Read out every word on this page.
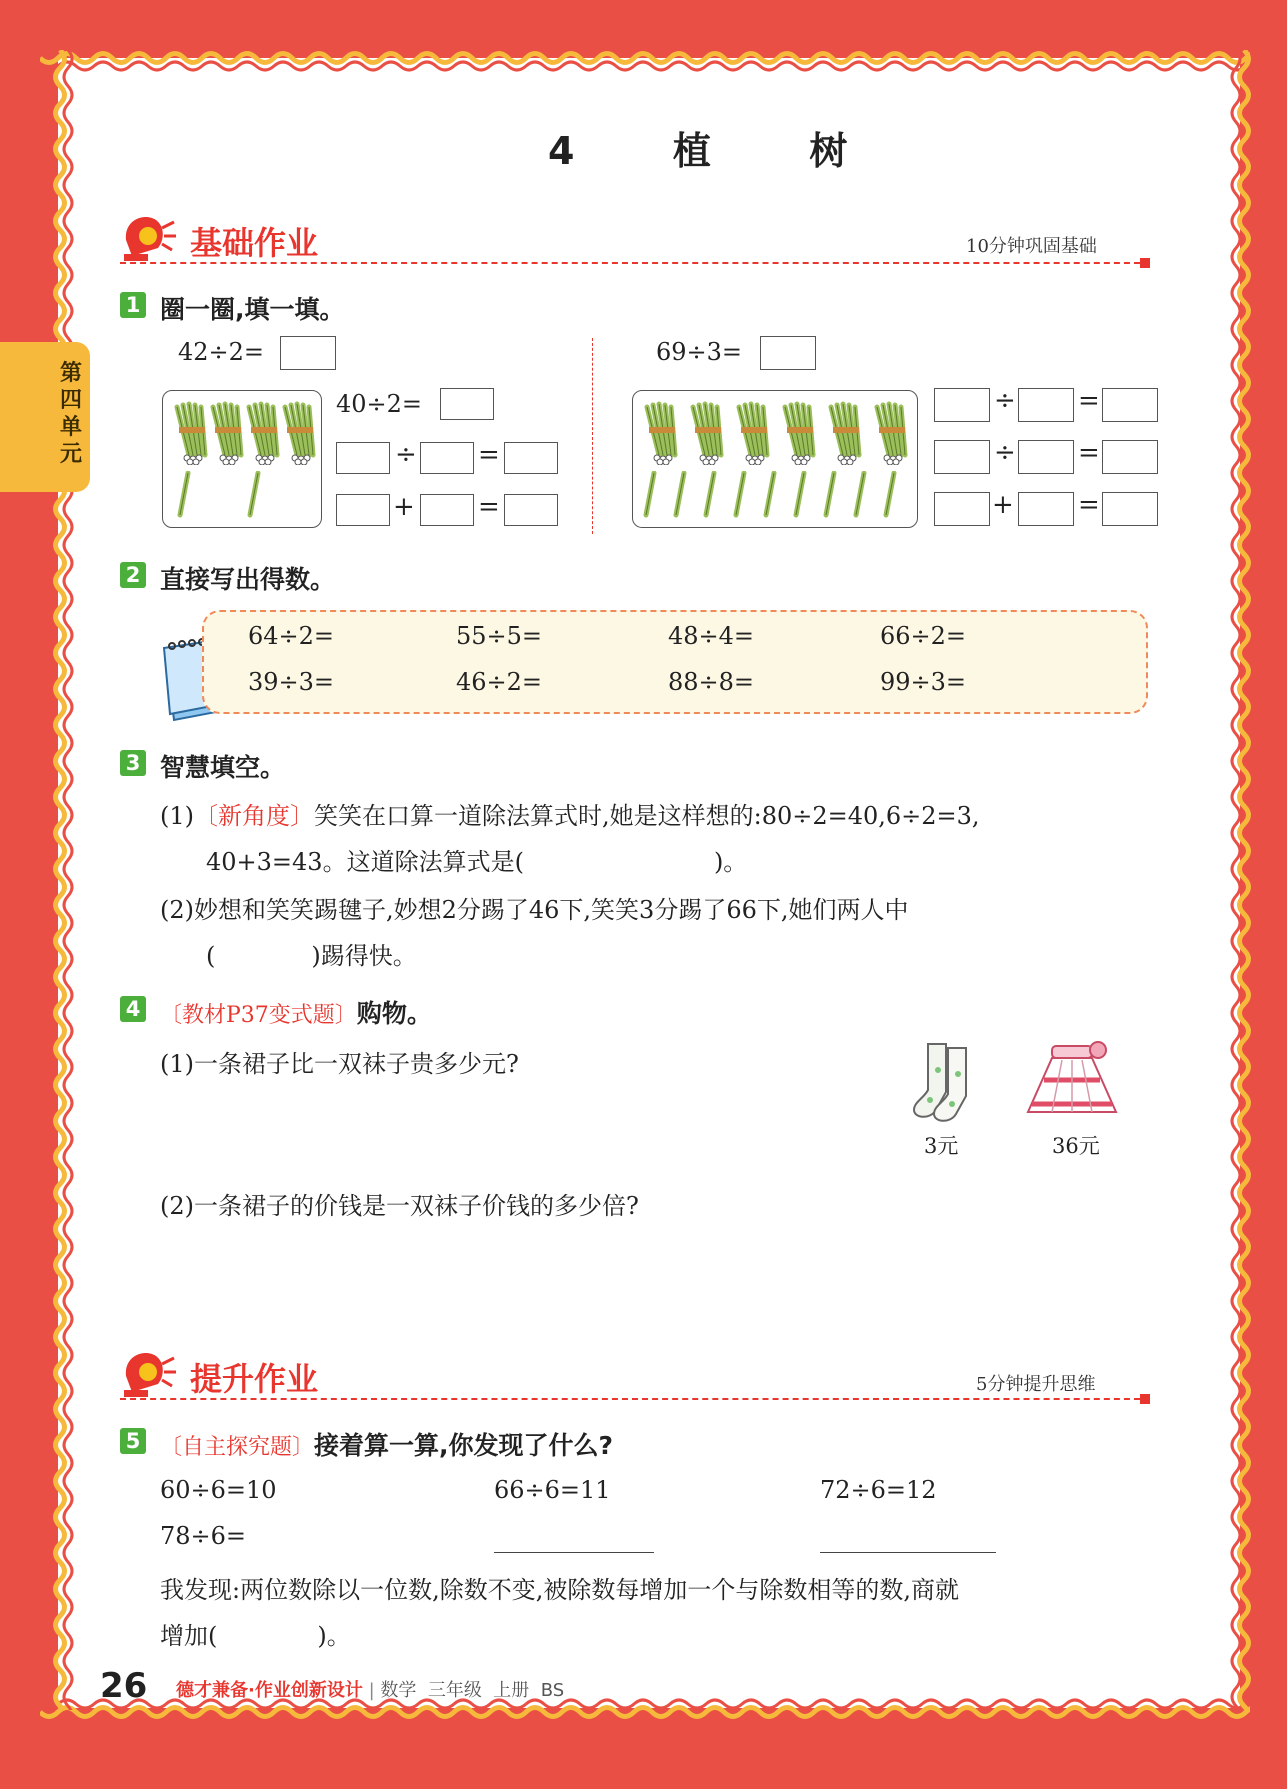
第四单元
4  植  树
基础作业	10分钟巩固基础
1 圈一圈,填一填。
42÷2=
40÷2=
÷ =
+ =
69÷3=
÷ =
÷ =
+ =
2 直接写出得数。
64÷2=	55÷5=	48÷4=	66÷2=
39÷3=	46÷2=	88÷8=	99÷3=
3 智慧填空。
(1)〔新角度〕笑笑在口算一道除法算式时,她是这样想的:80÷2=40,6÷2=3,
40+3=43。这道除法算式是(	)。
(2)妙想和笑笑踢毽子,妙想2分踢了46下,笑笑3分踢了66下,她们两人中
(	)踢得快。
4 〔教材P37变式题〕购物。
(1)一条裙子比一双袜子贵多少元?
(2)一条裙子的价钱是一双袜子价钱的多少倍?
3元	36元
提升作业	5分钟提升思维
5 〔自主探究题〕接着算一算,你发现了什么?
60÷6=10	66÷6=11	72÷6=12
78÷6=
我发现:两位数除以一位数,除数不变,被除数每增加一个与除数相等的数,商就
增加(	)。
26 德才兼备·作业创新设计 | 数学  三年级  上册  BS
